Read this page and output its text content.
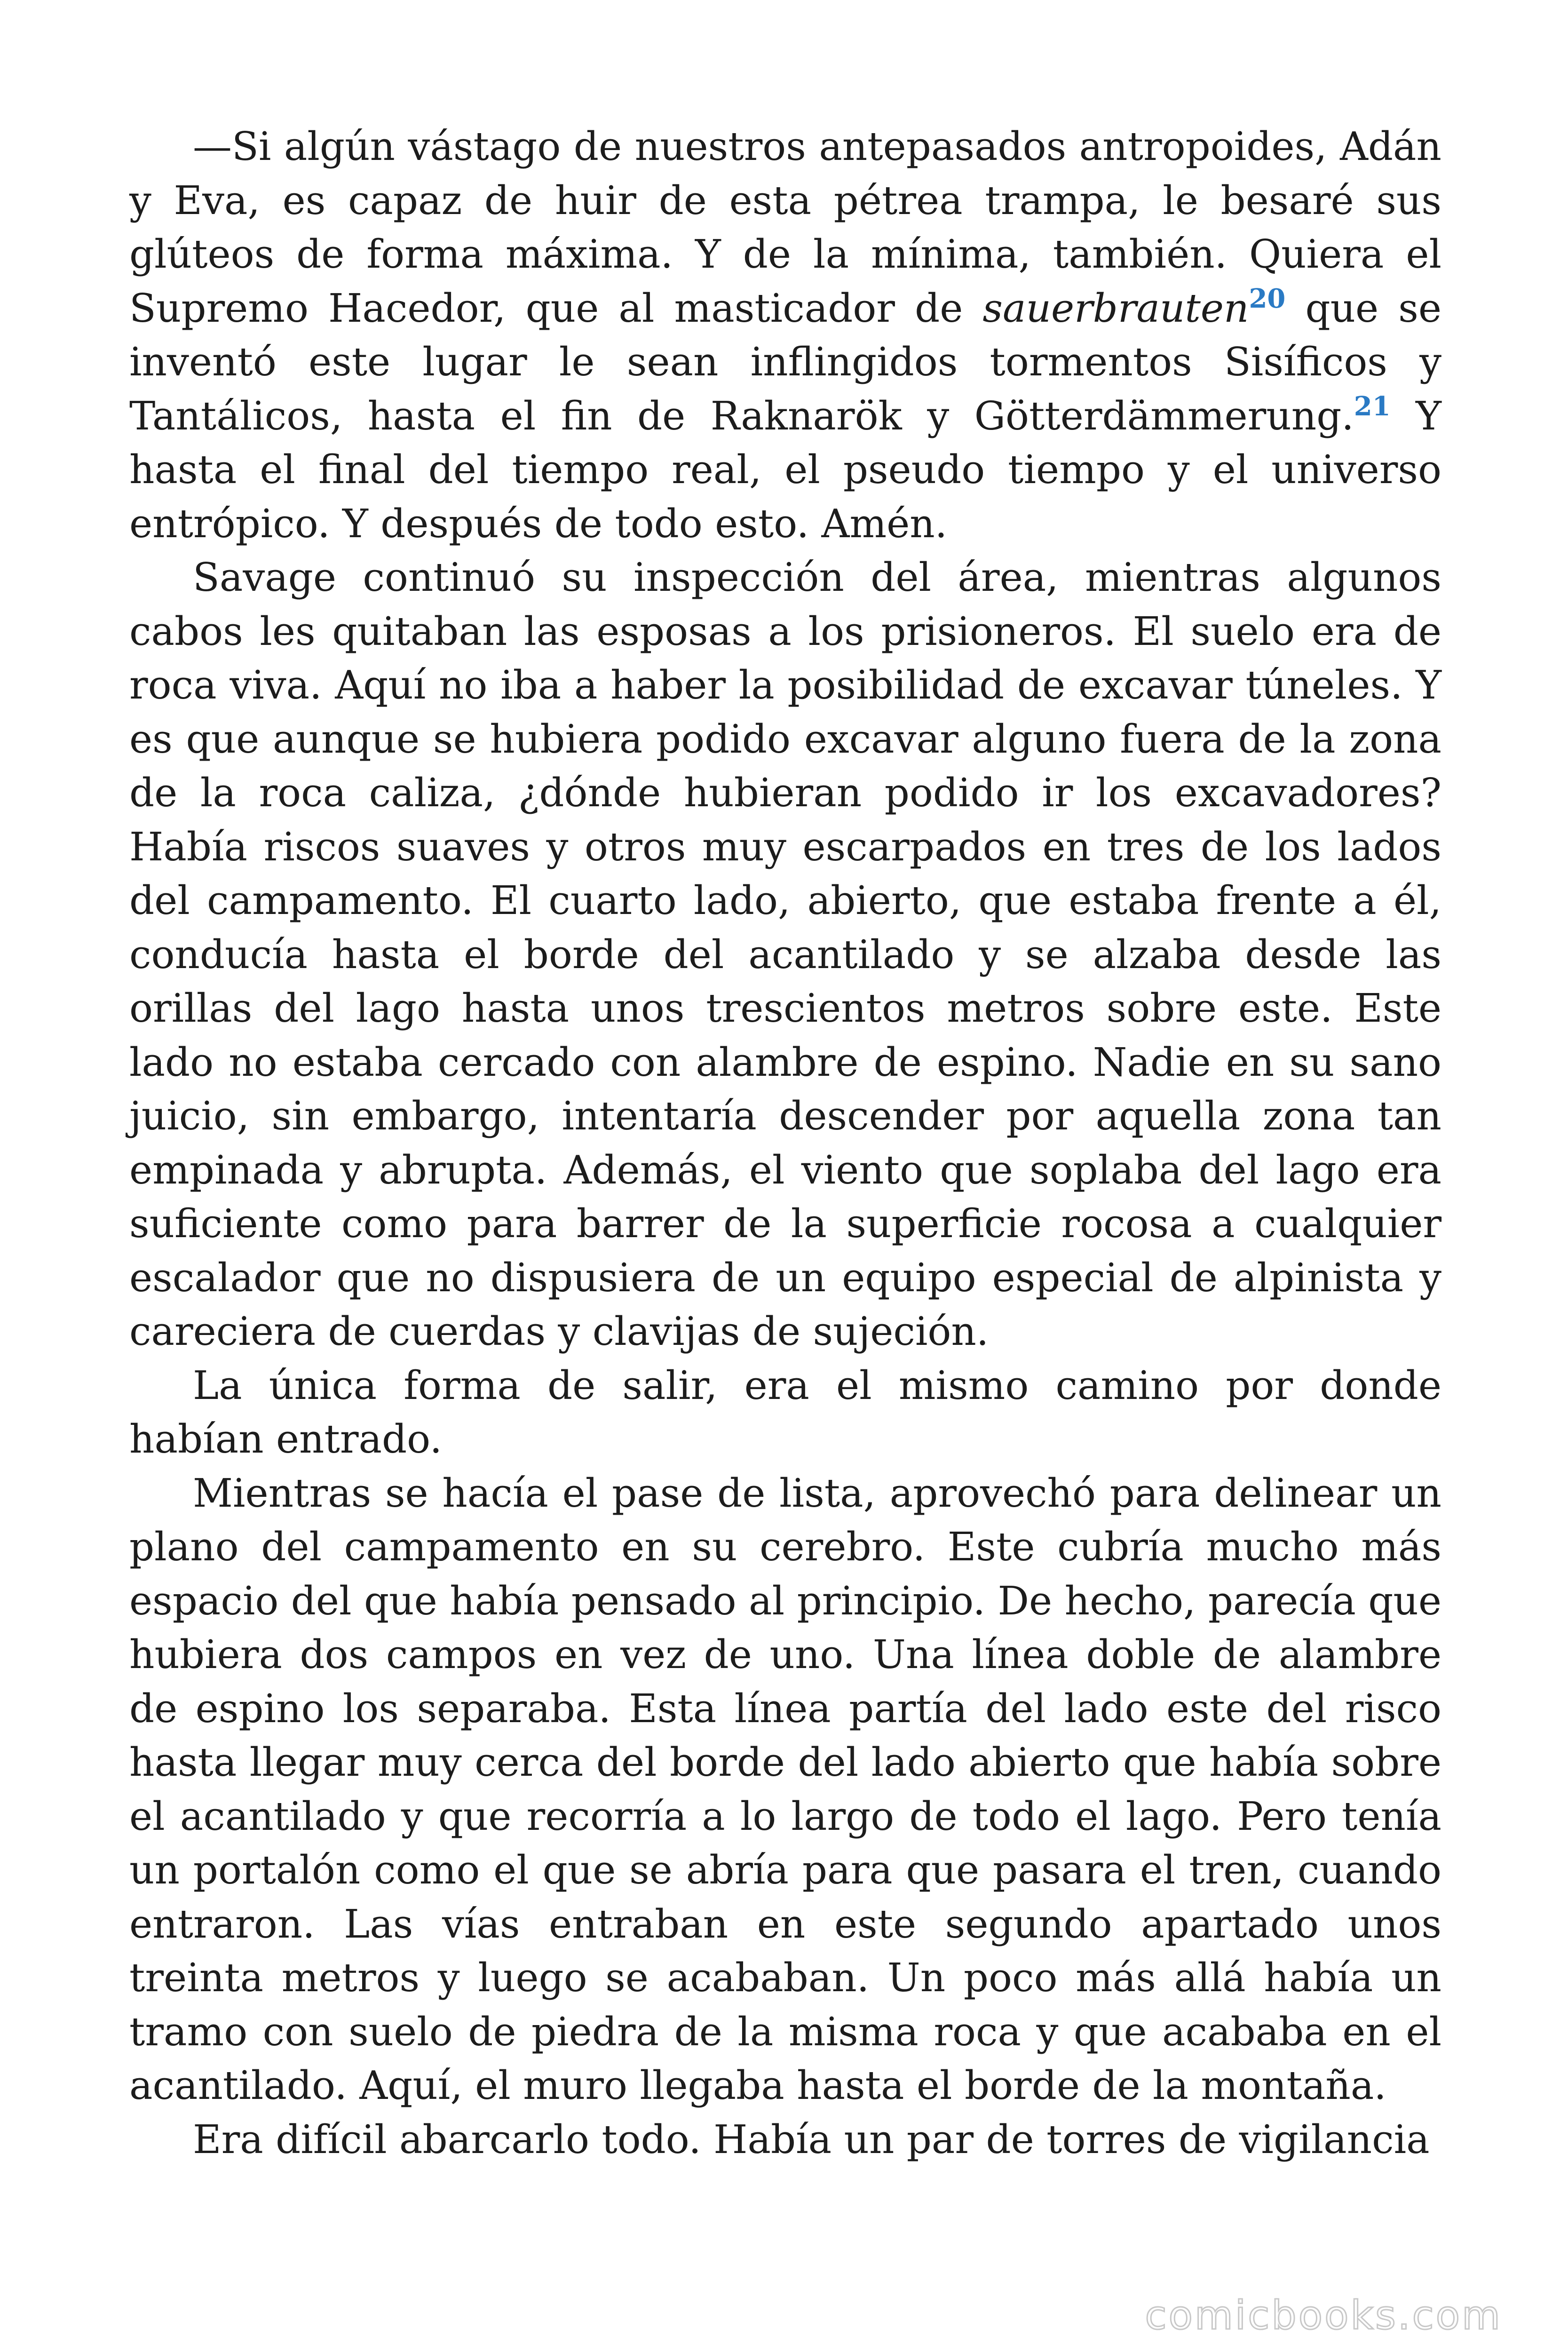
—Si algún vástago de nuestros antepasados antropoides, Adán y Eva, es capaz de huir de esta pétrea trampa, le besaré sus glúteos de forma máxima. Y de la mínima, también. Quiera el Supremo Hacedor, que al masticador de sauerbrauten$^{20}$ que se inventó este lugar le sean inflingidos tormentos Sisíficos y Tantálicos, hasta el fin de Raknarök y Götterdämmerung.$^{21}$ Y hasta el final del tiempo real, el pseudo tiempo y el universo entrópico. Y después de todo esto. Amén.

Savage continuó su inspección del área, mientras algunos cabos les quitaban las esposas a los prisioneros. El suelo era de roca viva. Aquí no iba a haber la posibilidad de excavar túneles. Y es que aunque se hubiera podido excavar alguno fuera de la zona de la roca caliza, ¿dónde hubieran podido ir los excavadores? Había riscos suaves y otros muy escarpados en tres de los lados del campamento. El cuarto lado, abierto, que estaba frente a él, conducía hasta el borde del acantilado y se alzaba desde las orillas del lago hasta unos trescientos metros sobre este. Este lado no estaba cercado con alambre de espino. Nadie en su sano juicio, sin embargo, intentaría descender por aquella zona tan empinada y abrupta. Además, el viento que soplaba del lago era suficiente como para barrer de la superficie rocosa a cualquier escalador que no dispusiera de un equipo especial de alpinista y careciera de cuerdas y clavijas de sujeción.

La única forma de salir, era el mismo camino por donde habían entrado.

Mientras se hacía el pase de lista, aprovechó para delinear un plano del campamento en su cerebro. Este cubría mucho más espacio del que había pensado al principio. De hecho, parecía que hubiera dos campos en vez de uno. Una línea doble de alambre de espino los separaba. Esta línea partía del lado este del risco hasta llegar muy cerca del borde del lado abierto que había sobre el acantilado y que recorría a lo largo de todo el lago. Pero tenía un portalón como el que se abría para que pasara el tren, cuando entraron. Las vías entraban en este segundo apartado unos treinta metros y luego se acababan. Un poco más allá había un tramo con suelo de piedra de la misma roca y que acababa en el acantilado. Aquí, el muro llegaba hasta el borde de la montaña.

Era difícil abarcarlo todo. Había un par de torres de vigilancia

comicbooks.com
